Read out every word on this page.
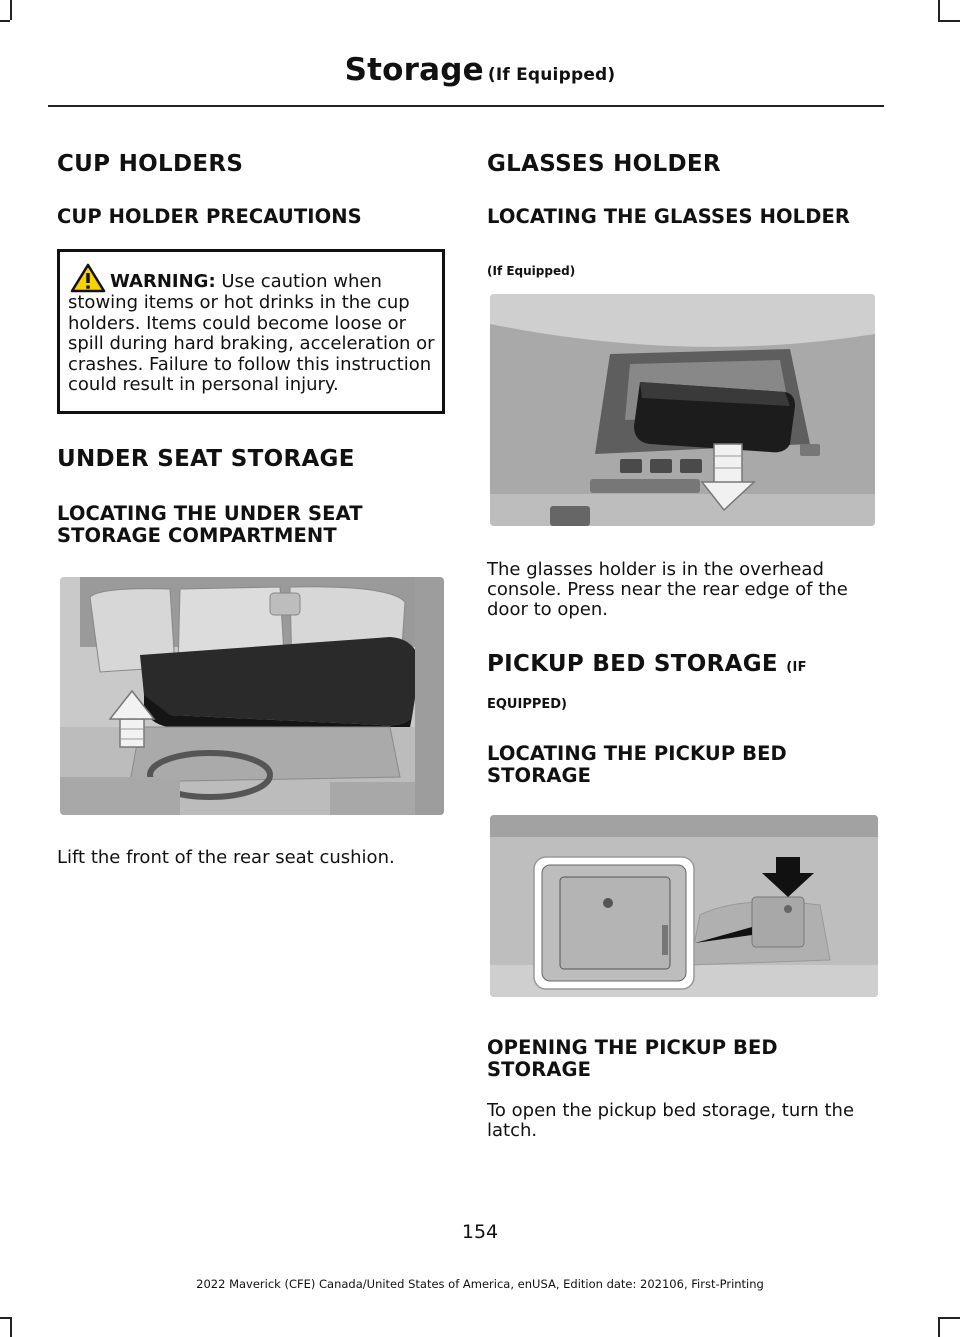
Storage (If Equipped)
CUP HOLDERS
CUP HOLDER PRECAUTIONS
WARNING: Use caution when
stowing items or hot drinks in the cup
holders. Items could become loose or
spill during hard braking, acceleration or
crashes. Failure to follow this instruction
could result in personal injury.
UNDER SEAT STORAGE
LOCATING THE UNDER SEAT
STORAGE COMPARTMENT
Lift the front of the rear seat cushion.
GLASSES HOLDER
LOCATING THE GLASSES HOLDER
(If Equipped)
The glasses holder is in the overhead
console. Press near the rear edge of the
door to open.
PICKUP BED STORAGE (IF
EQUIPPED)
LOCATING THE PICKUP BED
STORAGE
OPENING THE PICKUP BED
STORAGE
To open the pickup bed storage, turn the
latch.
154
2022 Maverick (CFE) Canada/United States of America, enUSA, Edition date: 202106, First-Printing
